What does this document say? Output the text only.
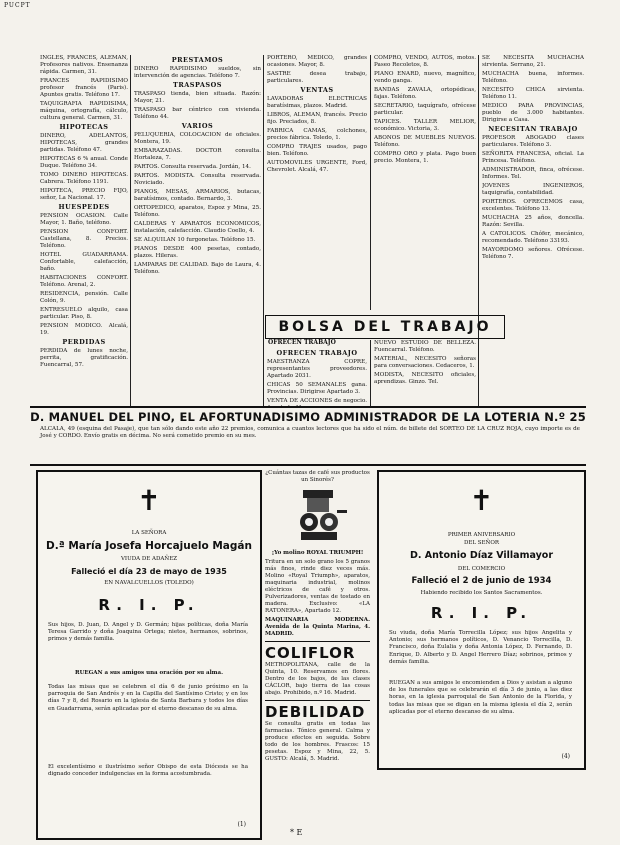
PUCPT

INGLES, FRANCES, ALEMAN, Profesores nativos. Ensenanza rápida. Carmen, 31.

FRANCES RAPIDISIMO profesor francés (Paris). Apuntes gratis. Teléfono 17.

TAQUIGRAFIA RAPIDISIMA, máquina, ortografía, cálculo, cultura general. Carmen, 31.

HIPOTECAS

DINERO, ADELANTOS, HIPOTECAS, grandes partidas. Teléfono 47.

HIPOTECAS 6 % anual. Conde Duque. Teléfono 34.

TOMO DINERO HIPOTECAS. Cabrera. Teléfono 1191.

HIPOTECA, PRECIO FIJO, señor, La Nacional. 17.

HUESPEDES

PENSION OCASION. Calle Mayor, 1. Baño, teléfono.

PENSION CONFORT. Castellana, 8. Precios. Teléfono.

HOTEL GUADARRAMA. Confortable, calefacción, baño.

HABITACIONES CONFORT. Teléfono. Arenal, 2.

RESIDENCIA, pensión. Calle Colón, 9.

ENTRESUELO alquilo, casa particular. Piso, 8.

PENSION MODICO. Alcalá, 19.

PERDIDAS

PERDIDA de lunes noche, perrita, gratificación. Fuencarral, 57.

PRESTAMOS

DINERO RAPIDISIMO sueldos, sin intervención de agencias. Teléfono 7.

TRASPASOS

TRASPASO tienda, bien situada. Razón: Mayor, 21.

TRASPASO bar céntrico con vivienda. Teléfono 44.

VARIOS

PELUQUERIA, COLOCACION de oficiales. Montera, 19.

EMBARAZADAS. DOCTOR consulta. Hortaleza, 7.

PARTOS. Consulta reservada. Jordán, 14.

PARTOS. MODISTA. Consulta reservada. Noviciado.

PIANOS, MESAS, ARMARIOS, butacas, baratísimos, contado. Bernardo, 3.

ORTOPEDICO, aparatos, Espoz y Mina, 25. Teléfono.

CALDERAS Y APARATOS ECONOMICOS, instalación, calefacción. Claudio Coello, 4.

SE ALQUILAN 10 furgonetas. Teléfono 15.

PIANOS DESDE 400 pesetas, contado, plazos. Hileras.

LAMPARAS DE CALIDAD. Bajo de Laura, 4. Teléfono.

PORTERO, MEDICO, grandes ocasiones. Mayor, 8.

SASTRE desea trabajo, particulares.

VENTAS

LAVADORAS ELECTRICAS baratísimas, plazos. Madrid.

LIBROS, ALEMAN, francés. Precio fijo. Preciados, 8.

FABRICA CAMAS, colchones, precios fábrica. Toledo, 1.

COMPRO TRAJES usados, pago bien. Teléfono.

AUTOMOVILES URGENTE, Ford, Chevrolet. Alcalá, 47.

COMPRO, VENDO, AUTOS, motos. Paseo Recoletos, 8.

PIANO ENARD, nuevo, magnífico, vendo ganga.

BANDAS ZAVALA, ortopédicas, fajas. Teléfono.

SECRETARIO, taquígrafo, ofrécese particular.

TAPICES. TALLER MELIOR, económico. Victoria, 3.

ABONOS DE MUEBLES NUEVOS. Teléfono.

COMPRO ORO y plata. Pago buen precio. Montera, 1.

SE NECESITA MUCHACHA sirvienta. Serrano, 21.

MUCHACHA buena, informes. Teléfono.

NECESITO CHICA sirvienta. Teléfono 11.

MEDICO PARA PROVINCIAS, pueblo de 3.000 habitantes. Dirigirse a Casa.

NECESITAN TRABAJO

PROFESOR ABOGADO clases particulares. Teléfono 3.

SEÑORITA FRANCESA, oficial. La Princesa. Teléfono.

ADMINISTRADOR, finca, ofrécese. Informes. Tel.

JOVENES INGENIEROS, taquigrafía, contabilidad.

PORTEROS. OFRECEMOS casa, excelentes. Teléfono 13.

MUCHACHA 25 años, doncella. Razón: Sevilla.

A CATOLICOS. Chófer, mecánico, recomendado. Teléfono 33193.

MAYORDOMO señores. Ofrécese. Teléfono 7.

BOLSA DEL TRABAJO
OFRECEN TRABAJO
OFRECEN TRABAJO

MAESTRANZA COPRE, representantes proveedores. Apartado 2031.

CHICAS 50 SEMANALES gana. Provincias. Dirigirse Apartado 3.

VENTA DE ACCIONES de negocio.

NUEVO ESTUDIO DE BELLEZA. Fuencarral. Teléfono.

MATERIAL, NECESITO señoras para conversaciones. Cedaceros, 1.

MODISTA, NECESITO oficiales, aprendizas. Ginzo. Tel.

D. MANUEL DEL PINO, EL AFORTUNADISIMO ADMINISTRADOR DE LA LOTERIA N.º 25
ALCALA, 49 (esquina del Pasaje), que tan sólo dando este año 22 premios, comunica a cuantos lectores que ha sido el núm. de billete del SORTEO DE LA CRUZ ROJA, cuyo importe es de José y CORDO. Envío gratis en décima. No será cometido premio en su mes.
✝
LA SEÑORA
D.ª María Josefa Horcajuelo Magán
VIUDA DE ADAÑEZ
Falleció el día 23 de mayo de 1935
EN NAVALCUELLOS (TOLEDO)
R. I. P.
Sus hijos, D. Juan, D. Angel y D. Germán; hijas políticas, doña María Teresa Garrido y doña Joaquina Ortega; nietos, hermanos, sobrinos, primos y demás familia.
RUEGAN a sus amigos una oración por su alma.
Todas las misas que se celebren el día 6 de junio próximo en la parroquia de San Andrés y en la Capilla del Santísimo Cristo; y en los días 7 y 8, del Rosario en la iglesia de Santa Barbara y todos los días en Guadarrama, serán aplicadas por el eterno descanso de su alma.
El excelentísimo e ilustrísimo señor Obispo de esta Diócesis se ha dignado conceder indulgencias en la forma acostumbrada.
(1)

¿Cuántas tazas de café sus productos un Sinorés?

¡Yo molino ROYAL TRIUMPH!

Tritura en un solo grano los 5 granos más finos, rinde diez veces más. Molino «Royal Triumph», aparatos, maquinaria industrial, molinos eléctricos de café y otros. Pulverizadores, ventas de tostado en madera. Exclusivo: «LA RATONERA», Apartado 12.

MAQUINARIA MODERNA. Avenida de la Quinta Marina, 4. MADRID.

COLIFLOR

METROPOLITANA, calle de la Quinta, 10. Reservamos en flores. Dentro de los bajos, de las clases CÁCLOR, bajo tierra de las cosas abajo. Prohibido, n.º 16. Madrid.

DEBILIDAD

Se consulta gratis en todas las farmacias. Tónico general. Calma y produce efectos en seguida. Sobre todo de los hombres. Frascos: 15 pesetas. Espoz y Mina, 22, 5. GUSTO: Alcalá, 5. Madrid.

✝
PRIMER ANIVERSARIO
DEL SEÑOR
D. Antonio Díaz Villamayor
DEL COMERCIO
Falleció el 2 de junio de 1934
Habiendo recibido los Santos Sacramentos.
R. I. P.
Su viuda, doña María Torrecilla López; sus hijos Angelita y Antonio; sus hermanos políticos, D. Venancio Torrecilla, D. Francisco, doña Eulalia y doña Antonia López, D. Fernando, D. Enrique, D. Alberto y D. Angel Herrero Díaz; sobrinos, primos y demás familia.
RUEGAN a sus amigos le encomienden a Dios y asistan a alguno de los funerales que se celebrarán el día 3 de junio, a las diez horas, en la iglesia parroquial de San Antonio de la Florida, y todas las misas que se digan en la misma iglesia el día 2, serán aplicadas por el eterno descanso de su alma.
(4)
* E
